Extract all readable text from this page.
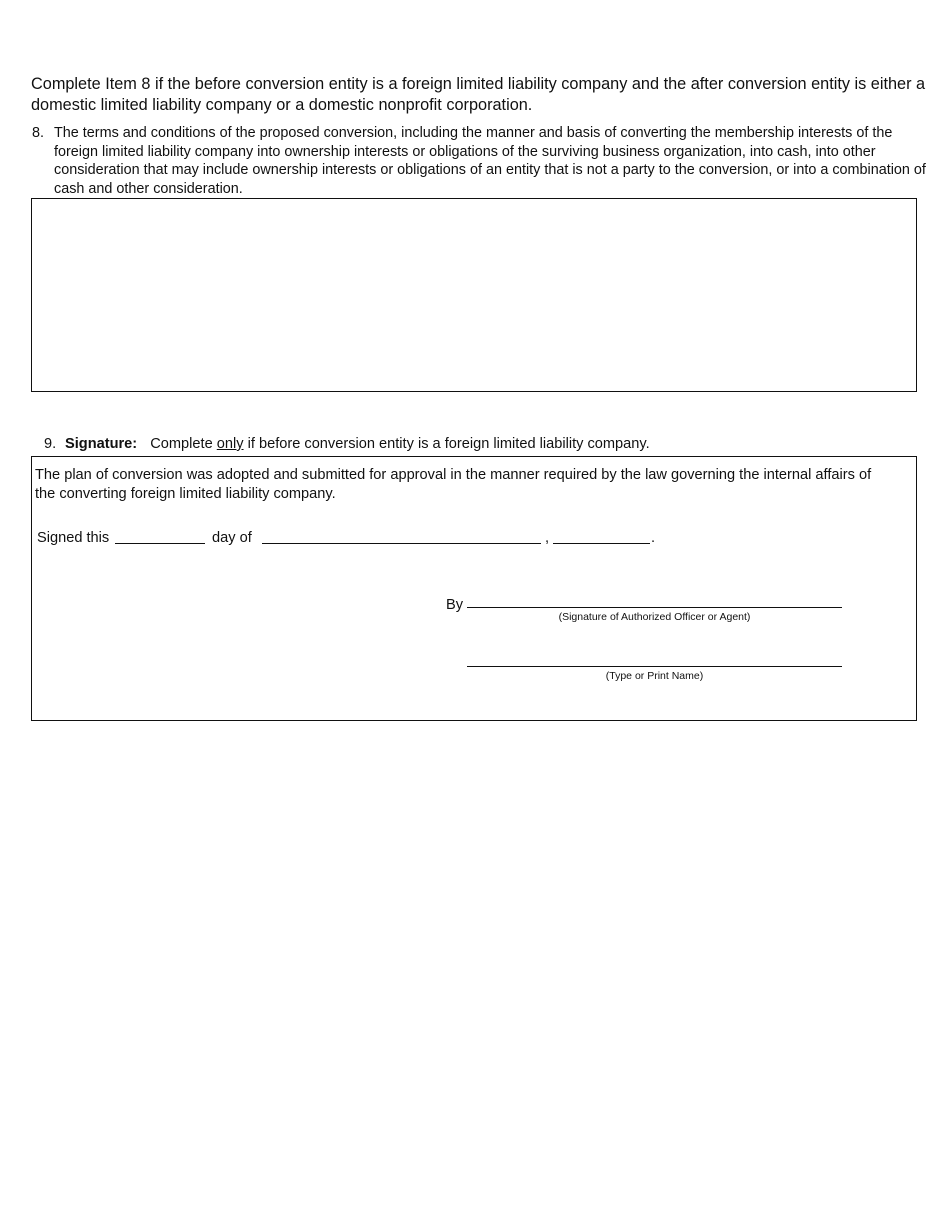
Complete Item 8 if the before conversion entity is a foreign limited liability company and the after conversion entity is either a domestic limited liability company or a domestic nonprofit corporation.
8. The terms and conditions of the proposed conversion, including the manner and basis of converting the membership interests of the foreign limited liability company into ownership interests or obligations of the surviving business organization, into cash, into other consideration that may include ownership interests or obligations of an entity that is not a party to the conversion, or into a combination of cash and other consideration.
9. Signature: Complete only if before conversion entity is a foreign limited liability company.
The plan of conversion was adopted and submitted for approval in the manner required by the law governing the internal affairs of the converting foreign limited liability company.
Signed this	day of	,	.
By
(Signature of Authorized Officer or Agent)
(Type or Print Name)
